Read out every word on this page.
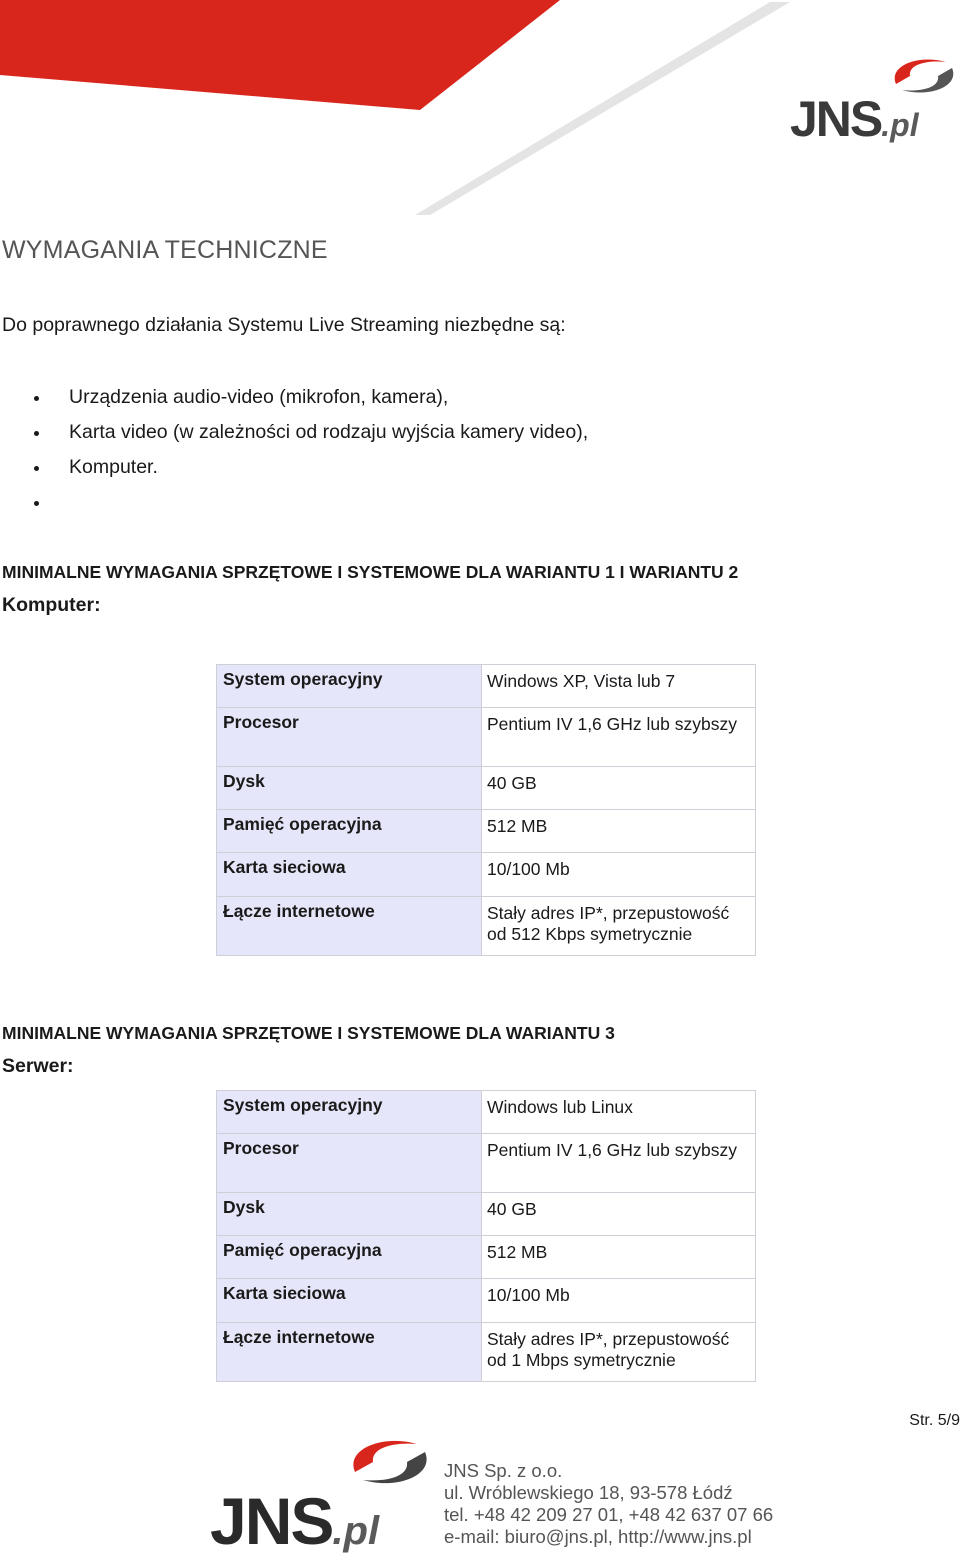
JNS.pl
WYMAGANIA TECHNICZNE
Do poprawnego działania Systemu Live Streaming niezbędne są:
Urządzenia audio-video (mikrofon, kamera),
Karta video (w zależności od rodzaju wyjścia kamery video),
Komputer.
MINIMALNE WYMAGANIA SPRZĘTOWE I SYSTEMOWE DLA WARIANTU 1 I WARIANTU 2
Komputer:
System operacyjny	Windows XP, Vista lub 7
Procesor	Pentium IV 1,6 GHz lub szybszy
Dysk	40 GB
Pamięć operacyjna	512 MB
Karta sieciowa	10/100 Mb
Łącze internetowe	Stały adres IP*, przepustowość od 512 Kbps symetrycznie
MINIMALNE WYMAGANIA SPRZĘTOWE I SYSTEMOWE DLA WARIANTU 3
Serwer:
System operacyjny	Windows lub Linux
Procesor	Pentium IV 1,6 GHz lub szybszy
Dysk	40 GB
Pamięć operacyjna	512 MB
Karta sieciowa	10/100 Mb
Łącze internetowe	Stały adres IP*, przepustowość od 1 Mbps symetrycznie
Str. 5/9
JNS.pl
JNS Sp. z o.o.
ul. Wróblewskiego 18, 93-578 Łódź
tel. +48 42 209 27 01, +48 42 637 07 66
e-mail: biuro@jns.pl, http://www.jns.pl
